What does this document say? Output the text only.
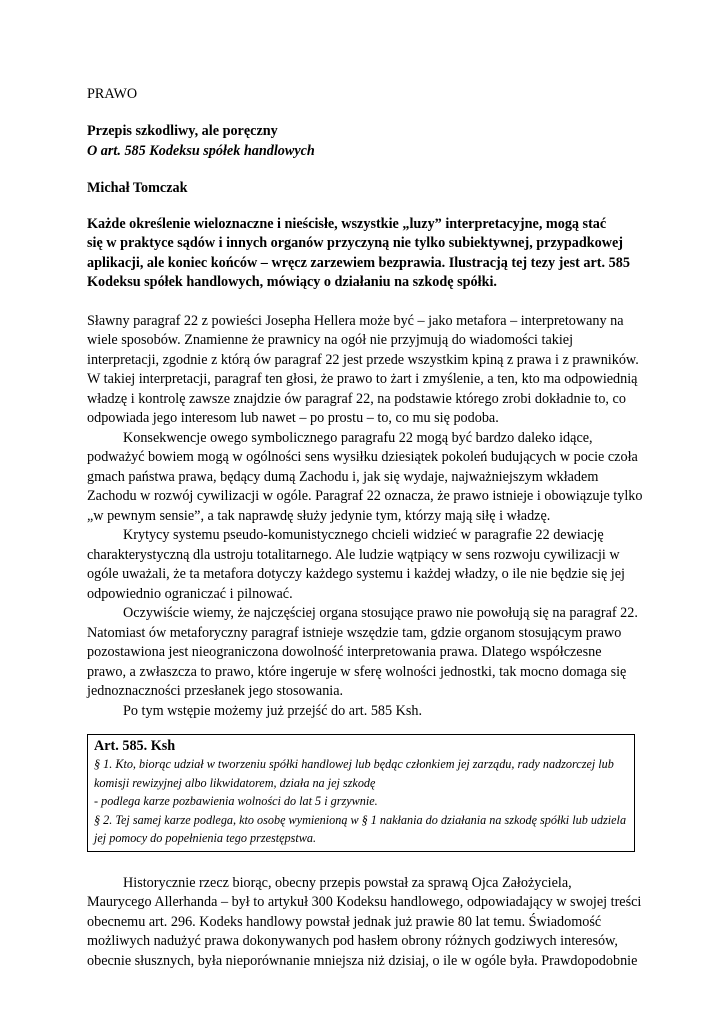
PRAWO
Przepis szkodliwy, ale poręczny
O art. 585 Kodeksu spółek handlowych
Michał Tomczak
Każde określenie wieloznaczne i nieścisłe, wszystkie „luzy” interpretacyjne, mogą stać
się w praktyce sądów i innych organów przyczyną nie tylko subiektywnej, przypadkowej
aplikacji, ale koniec końców – wręcz zarzewiem bezprawia. Ilustracją tej tezy jest art. 585
Kodeksu spółek handlowych, mówiący o działaniu na szkodę spółki.
Sławny paragraf 22 z powieści Josepha Hellera może być – jako metafora – interpretowany na
wiele sposobów. Znamienne że prawnicy na ogół nie przyjmują do wiadomości takiej
interpretacji, zgodnie z którą ów paragraf 22 jest przede wszystkim kpiną z prawa i z prawników.
W takiej interpretacji, paragraf ten głosi, że prawo to żart i zmyślenie, a ten, kto ma odpowiednią
władzę i kontrolę zawsze znajdzie ów paragraf 22, na podstawie którego zrobi dokładnie to, co
odpowiada jego interesom lub nawet – po prostu – to, co mu się podoba.
Konsekwencje owego symbolicznego paragrafu 22 mogą być bardzo daleko idące,
podważyć bowiem mogą w ogólności sens wysiłku dziesiątek pokoleń budujących w pocie czoła
gmach państwa prawa, będący dumą Zachodu i, jak się wydaje, najważniejszym wkładem
Zachodu w rozwój cywilizacji w ogóle. Paragraf 22 oznacza, że prawo istnieje i obowiązuje tylko
„w pewnym sensie”, a tak naprawdę służy jedynie tym, którzy mają siłę i władzę.
Krytycy systemu pseudo-komunistycznego chcieli widzieć w paragrafie 22 dewiację
charakterystyczną dla ustroju totalitarnego. Ale ludzie wątpiący w sens rozwoju cywilizacji w
ogóle uważali, że ta metafora dotyczy każdego systemu i każdej władzy, o ile nie będzie się jej
odpowiednio ograniczać i pilnować.
Oczywiście wiemy, że najczęściej organa stosujące prawo nie powołują się na paragraf 22.
Natomiast ów metaforyczny paragraf istnieje wszędzie tam, gdzie organom stosującym prawo
pozostawiona jest nieograniczona dowolność interpretowania prawa. Dlatego współczesne
prawo, a zwłaszcza to prawo, które ingeruje w sferę wolności jednostki, tak mocno domaga się
jednoznaczności przesłanek jego stosowania.
Po tym wstępie możemy już przejść do art. 585 Ksh.
Art. 585. Ksh
§ 1. Kto, biorąc udział w tworzeniu spółki handlowej lub będąc członkiem jej zarządu, rady nadzorczej lub
komisji rewizyjnej albo likwidatorem, działa na jej szkodę
- podlega karze pozbawienia wolności do lat 5 i grzywnie.
§ 2. Tej samej karze podlega, kto osobę wymienioną w § 1 nakłania do działania na szkodę spółki lub udziela
jej pomocy do popełnienia tego przestępstwa.
Historycznie rzecz biorąc, obecny przepis powstał za sprawą Ojca Założyciela,
Maurycego Allerhanda – był to artykuł 300 Kodeksu handlowego, odpowiadający w swojej treści
obecnemu art. 296. Kodeks handlowy powstał jednak już prawie 80 lat temu. Świadomość
możliwych nadużyć prawa dokonywanych pod hasłem obrony różnych godziwych interesów,
obecnie słusznych, była nieporównanie mniejsza niż dzisiaj, o ile w ogóle była. Prawdopodobnie
